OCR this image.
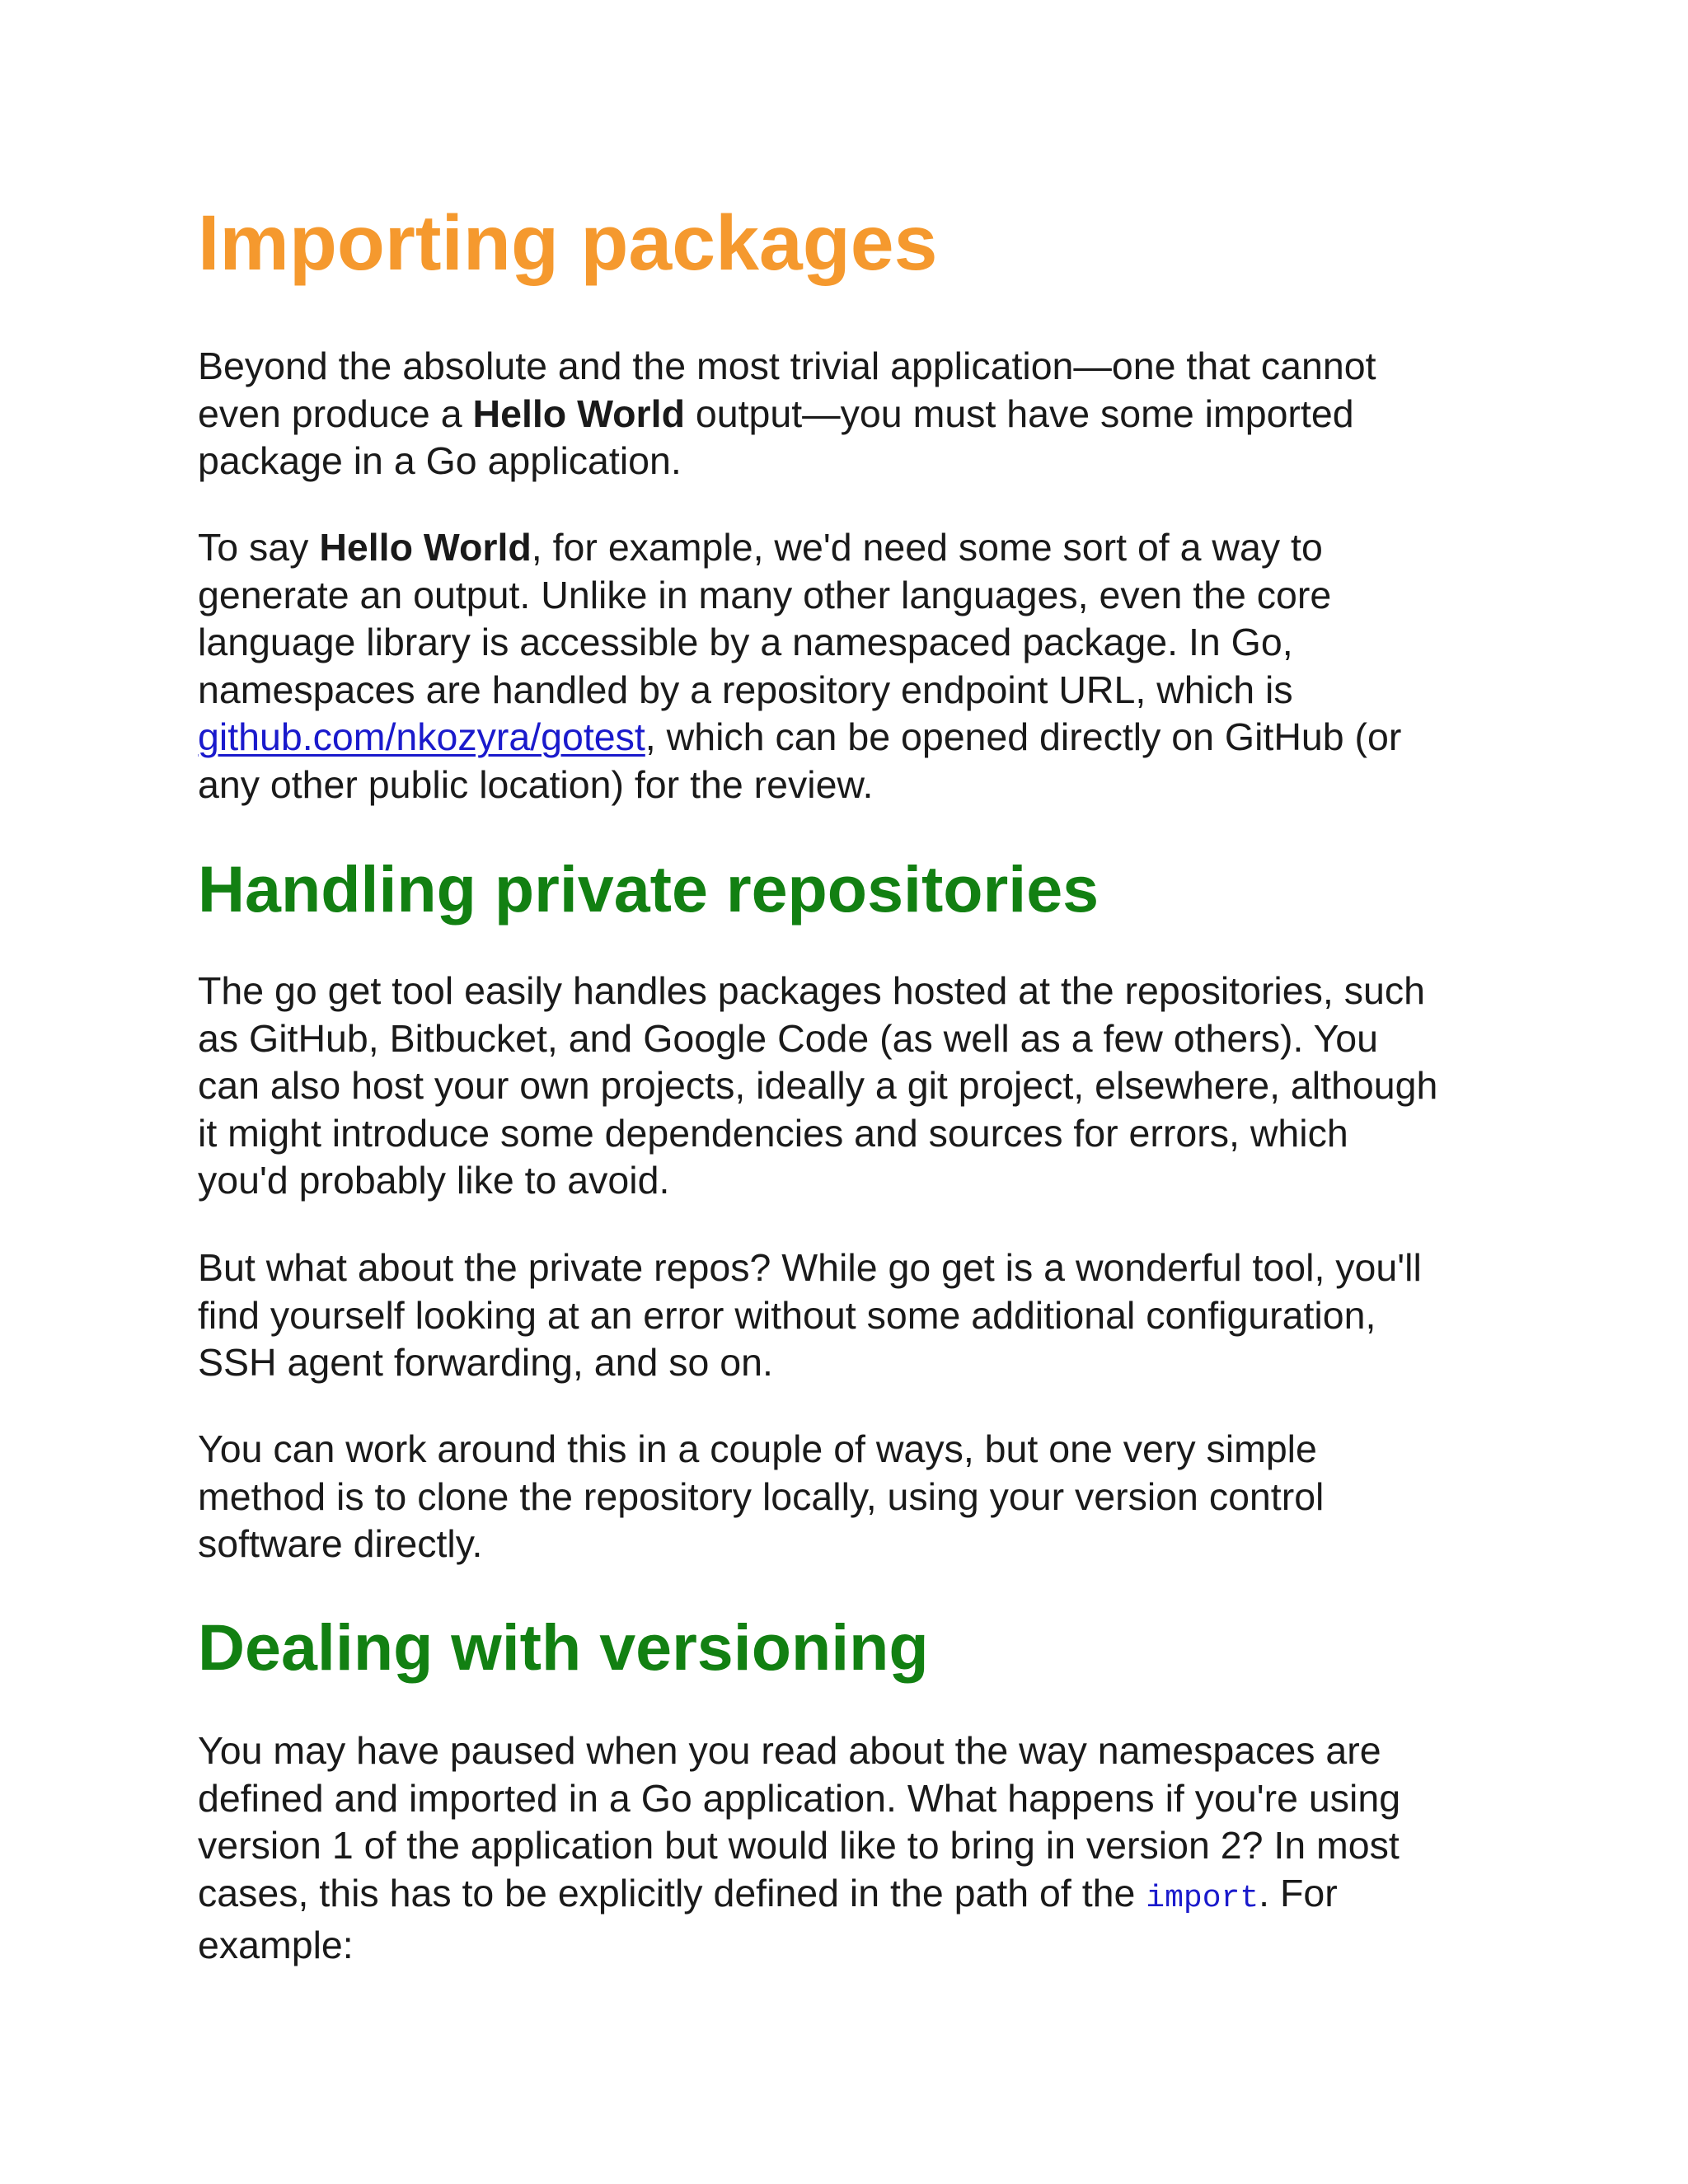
Importing packages

Beyond the absolute and the most trivial application—one that cannot
even produce a Hello World output—you must have some imported
package in a Go application.

To say Hello World, for example, we'd need some sort of a way to
generate an output. Unlike in many other languages, even the core
language library is accessible by a namespaced package. In Go,
namespaces are handled by a repository endpoint URL, which is
github.com/nkozyra/gotest, which can be opened directly on GitHub (or
any other public location) for the review.

Handling private repositories

The go get tool easily handles packages hosted at the repositories, such
as GitHub, Bitbucket, and Google Code (as well as a few others). You
can also host your own projects, ideally a git project, elsewhere, although
it might introduce some dependencies and sources for errors, which
you'd probably like to avoid.

But what about the private repos? While go get is a wonderful tool, you'll
find yourself looking at an error without some additional configuration,
SSH agent forwarding, and so on.

You can work around this in a couple of ways, but one very simple
method is to clone the repository locally, using your version control
software directly.

Dealing with versioning

You may have paused when you read about the way namespaces are
defined and imported in a Go application. What happens if you're using
version 1 of the application but would like to bring in version 2? In most
cases, this has to be explicitly defined in the path of the import. For
example:
